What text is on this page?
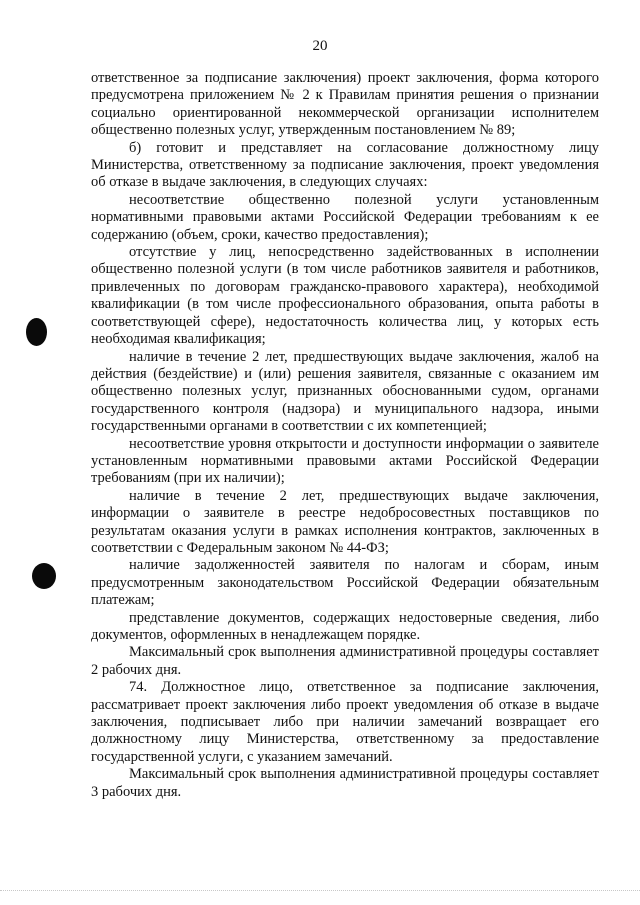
20

ответственное за подписание заключения) проект заключения, форма которого предусмотрена приложением № 2 к Правилам принятия решения о признании социально ориентированной некоммерческой организации исполнителем общественно полезных услуг, утвержденным постановлением № 89;

б) готовит и представляет на согласование должностному лицу Министерства, ответственному за подписание заключения, проект уведомления об отказе в выдаче заключения, в следующих случаях:

несоответствие общественно полезной услуги установленным нормативными правовыми актами Российской Федерации требованиям к ее содержанию (объем, сроки, качество предоставления);

отсутствие у лиц, непосредственно задействованных в исполнении общественно полезной услуги (в том числе работников заявителя и работников, привлеченных по договорам гражданско-правового характера), необходимой квалификации (в том числе профессионального образования, опыта работы в соответствующей сфере), недостаточность количества лиц, у которых есть необходимая квалификация;

наличие в течение 2 лет, предшествующих выдаче заключения, жалоб на действия (бездействие) и (или) решения заявителя, связанные с оказанием им общественно полезных услуг, признанных обоснованными судом, органами государственного контроля (надзора) и муниципального надзора, иными государственными органами в соответствии с их компетенцией;

несоответствие уровня открытости и доступности информации о заявителе установленным нормативными правовыми актами Российской Федерации требованиям (при их наличии);

наличие в течение 2 лет, предшествующих выдаче заключения, информации о заявителе в реестре недобросовестных поставщиков по результатам оказания услуги в рамках исполнения контрактов, заключенных в соответствии с Федеральным законом № 44-ФЗ;

наличие задолженностей заявителя по налогам и сборам, иным предусмотренным законодательством Российской Федерации обязательным платежам;

представление документов, содержащих недостоверные сведения, либо документов, оформленных в ненадлежащем порядке.

Максимальный срок выполнения административной процедуры составляет 2 рабочих дня.

74. Должностное лицо, ответственное за подписание заключения, рассматривает проект заключения либо проект уведомления об отказе в выдаче заключения, подписывает либо при наличии замечаний возвращает его должностному лицу Министерства, ответственному за предоставление государственной услуги, с указанием замечаний.

Максимальный срок выполнения административной процедуры составляет 3 рабочих дня.
